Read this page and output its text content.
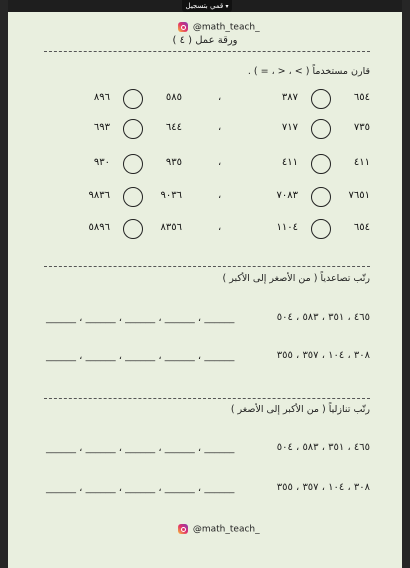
قمي بتسجيل ▾
@math_teach_
ورقة عمل ( ٤ )
قارن مستخدماً ( > ، < ، = ) .
٦٥٤
٣٨٧
،
٥٨٥
٨٩٦
٧٣٥
٧١٧
،
٦٤٤
٦٩٣
٤١١
٤١١
،
٩٣٥
٩٣٠
٧٦٥١
٧٠٨٣
،
٩٠٣٦
٩٨٣٦
٦٥٤
١١٠٤
،
٨٣٥٦
٥٨٩٦
رتّب تصاعدياً ( من الأصغر إلى الأكبر )
٤٦٥ ، ٣٥١ ، ٥٨٣ ، ٥٠٤
______ ، ______ ، ______ ، ______ ، ______
٣٠٨ ، ١٠٤ ، ٣٥٧ ، ٣٥٥
______ ، ______ ، ______ ، ______ ، ______
رتّب تنازلياً ( من الأكبر إلى الأصغر )
٤٦٥ ، ٣٥١ ، ٥٨٣ ، ٥٠٤
______ ، ______ ، ______ ، ______ ، ______
٣٠٨ ، ١٠٤ ، ٣٥٧ ، ٣٥٥
______ ، ______ ، ______ ، ______ ، ______
@math_teach_
